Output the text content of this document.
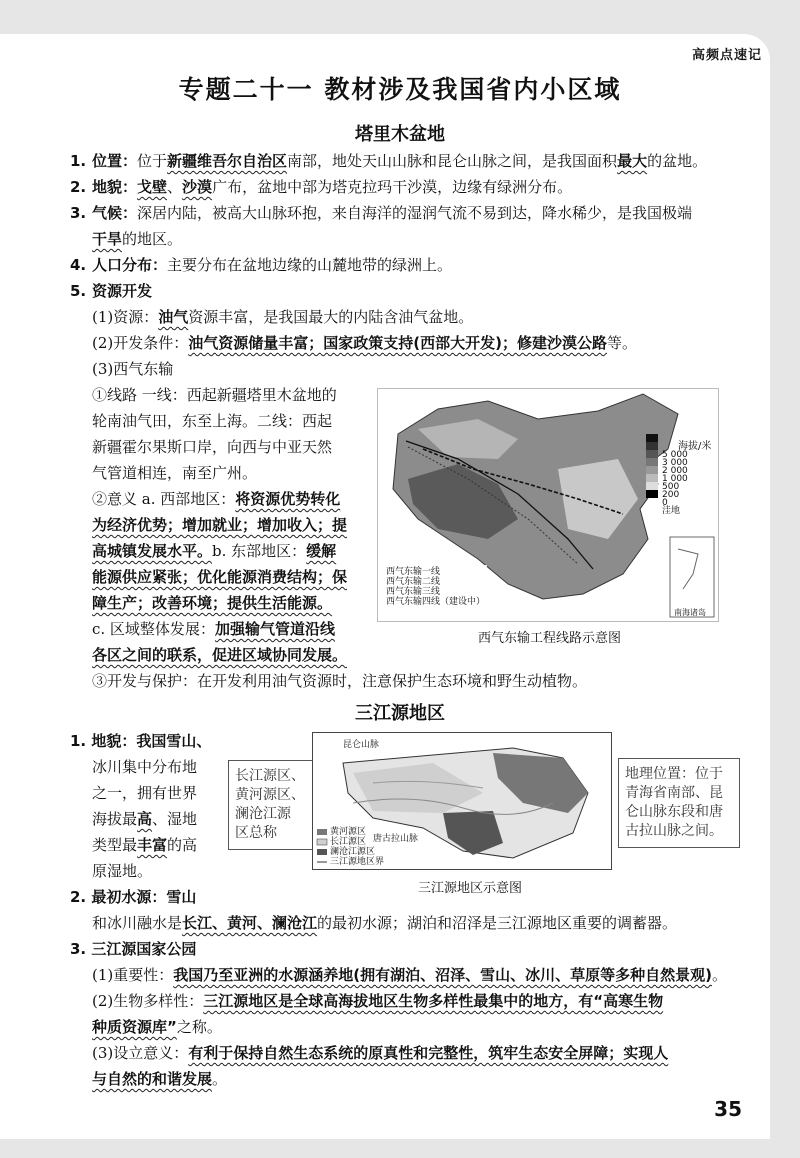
高频点速记
专题二十一 教材涉及我国省内小区域
塔里木盆地
1. 位置：位于新疆维吾尔自治区南部，地处天山山脉和昆仑山脉之间，是我国面积最大的盆地。
2. 地貌：戈壁、沙漠广布，盆地中部为塔克拉玛干沙漠，边缘有绿洲分布。
3. 气候：深居内陆，被高大山脉环抱，来自海洋的湿润气流不易到达，降水稀少，是我国极端
干旱的地区。
4. 人口分布：主要分布在盆地边缘的山麓地带的绿洲上。
5. 资源开发
(1)资源：油气资源丰富，是我国最大的内陆含油气盆地。
(2)开发条件：油气资源储量丰富；国家政策支持(西部大开发)；修建沙漠公路等。
(3)西气东输
①线路 一线：西起新疆塔里木盆地的
轮南油气田，东至上海。二线：西起
新疆霍尔果斯口岸，向西与中亚天然
气管道相连，南至广州。
②意义 a. 西部地区：将资源优势转化
为经济优势；增加就业；增加收入；提
高城镇发展水平。b. 东部地区：缓解
能源供应紧张；优化能源消费结构；保
障生产；改善环境；提供生活能源。
c. 区域整体发展：加强输气管道沿线
各区之间的联系，促进区域协同发展。
③开发与保护：在开发利用油气资源时，注意保护生态环境和野生动植物。
海拔/米
5 000
3 000
2 000
1 000
500
200
0
洼地
西气东输一线
西气东输二线
西气东输三线
西气东输四线（建设中）
南海诸岛
西气东输工程线路示意图
三江源地区
1. 地貌：我国雪山、
冰川集中分布地
之一，拥有世界
海拔最高、湿地
类型最丰富的高
原湿地。
2. 最初水源：雪山
和冰川融水是长江、黄河、澜沧江的最初水源；湖泊和沼泽是三江源地区重要的调蓄器。
3. 三江源国家公园
(1)重要性：我国乃至亚洲的水源涵养地(拥有湖泊、沼泽、雪山、冰川、草原等多种自然景观)。
(2)生物多样性：三江源地区是全球高海拔地区生物多样性最集中的地方，有“高寒生物
种质资源库”之称。
(3)设立意义：有利于保持自然生态系统的原真性和完整性，筑牢生态安全屏障；实现人
与自然的和谐发展。
长江源区、
黄河源区、
澜沧江源
区总称
昆仑山脉
唐古拉山脉
黄河源区
长江源区
澜沧江源区
三江源地区界
地理位置：位于
青海省南部、昆
仑山脉东段和唐
古拉山脉之间。
三江源地区示意图
35
